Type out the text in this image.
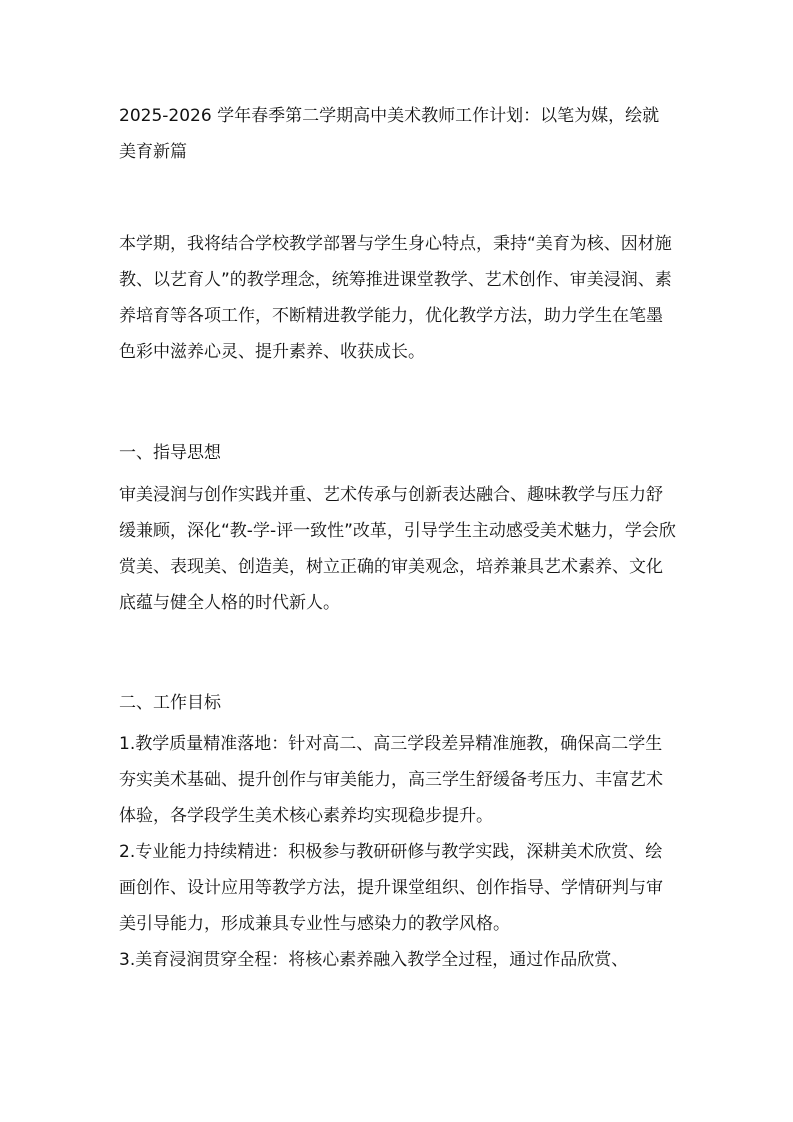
2025-2026 学年春季第二学期高中美术教师工作计划：以笔为媒，绘就美育新篇
本学期，我将结合学校教学部署与学生身心特点，秉持“美育为核、因材施教、以艺育人”的教学理念，统筹推进课堂教学、艺术创作、审美浸润、素养培育等各项工作，不断精进教学能力，优化教学方法，助力学生在笔墨色彩中滋养心灵、提升素养、收获成长。
一、指导思想
审美浸润与创作实践并重、艺术传承与创新表达融合、趣味教学与压力舒缓兼顾，深化“教-学-评一致性”改革，引导学生主动感受美术魅力，学会欣赏美、表现美、创造美，树立正确的审美观念，培养兼具艺术素养、文化底蕴与健全人格的时代新人。
二、工作目标

1.教学质量精准落地：针对高二、高三学段差异精准施教，确保高二学生夯实美术基础、提升创作与审美能力，高三学生舒缓备考压力、丰富艺术体验，各学段学生美术核心素养均实现稳步提升。

2.专业能力持续精进：积极参与教研研修与教学实践，深耕美术欣赏、绘画创作、设计应用等教学方法，提升课堂组织、创作指导、学情研判与审美引导能力，形成兼具专业性与感染力的教学风格。

3.美育浸润贯穿全程：将核心素养融入教学全过程，通过作品欣赏、
